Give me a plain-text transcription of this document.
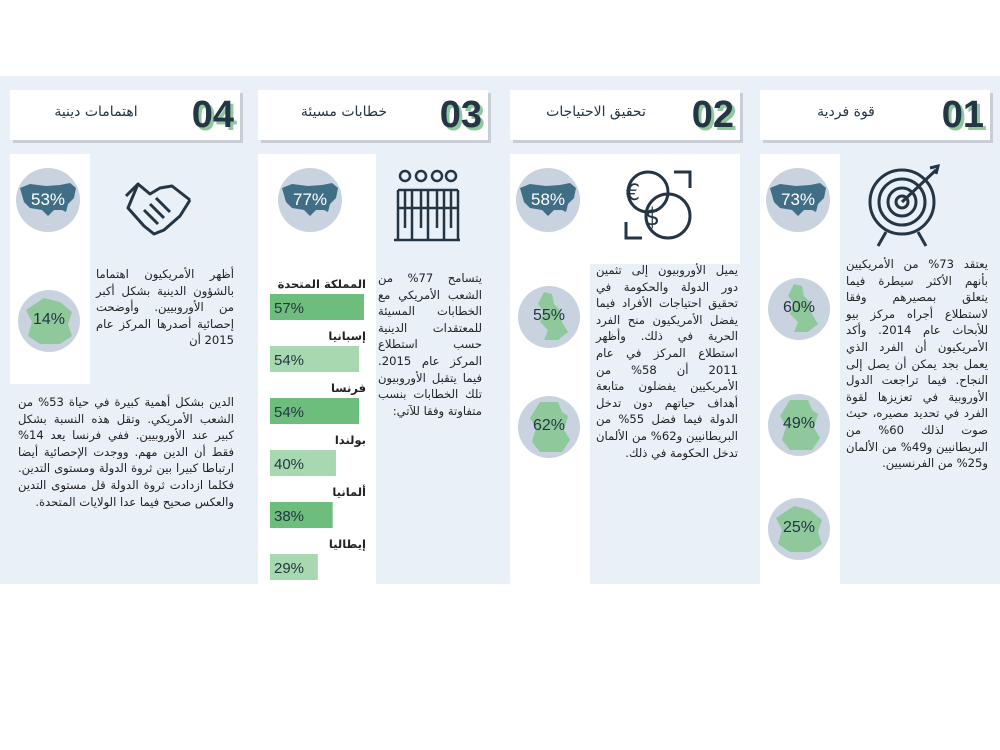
01
قوة فردية
73%
60%
49%
25%
يعتقد 73% من الأمريكيين بأنهم الأكثر سيطرة فيما يتعلق بمصيرهم وفقا لاستطلاع أجراه مركز بيو للأبحاث عام 2014. وأكد الأمريكيون أن الفرد الذي يعمل بجد يمكن أن يصل إلى النجاح. فيما تراجعت الدول الأوروبية في تعزيزها لقوة الفرد في تحديد مصيره، حيث صوت لذلك 60% من البريطانيين و49% من الألمان و25% من الفرنسيين.
02
تحقيق الاحتياجات
58%	€
$
55%
62%
يميل الأوروبيون إلى تثمين دور الدولة والحكومة في تحقيق احتياجات الأفراد فيما يفضل الأمريكيون منح الفرد الحرية في ذلك. وأظهر استطلاع المركز في عام 2011 أن 58% من الأمريكيين يفضلون متابعة أهداف حياتهم دون تدخل الدولة فيما فضل 55% من البريطانيين و62% من الألمان تدخل الحكومة في ذلك.
03
خطابات مسيئة
77%
يتسامح 77% من الشعب الأمريكي مع الخطابات المسيئة للمعتقدات الدينية حسب استطلاع المركز عام 2015. فيما يتقبل الأوروبيون تلك الخطابات بنسب متفاوتة وفقا للآتي:
المملكة المتحدة
57%
إسبانيا
54%
فرنسا
54%
بولندا
40%
ألمانيا
38%
إيطاليا
29%
04
اهتمامات دينية
53%
14%
أظهر الأمريكيون اهتماما بالشؤون الدينية بشكل أكبر من الأوروبيين. وأوضحت إحصائية أصدرها المركز عام 2015 أن
الدين بشكل أهمية كبيرة في حياة 53% من الشعب الأمريكي. وتقل هذه النسبة بشكل كبير عند الأوروبيين. ففي فرنسا يعد 14% فقط أن الدين مهم. ووجدت الإحصائية أيضا ارتباطا كبيرا بين ثروة الدولة ومستوى التدين. فكلما ازدادت ثروة الدولة قل مستوى التدين والعكس صحيح فيما عدا الولايات المتحدة.
